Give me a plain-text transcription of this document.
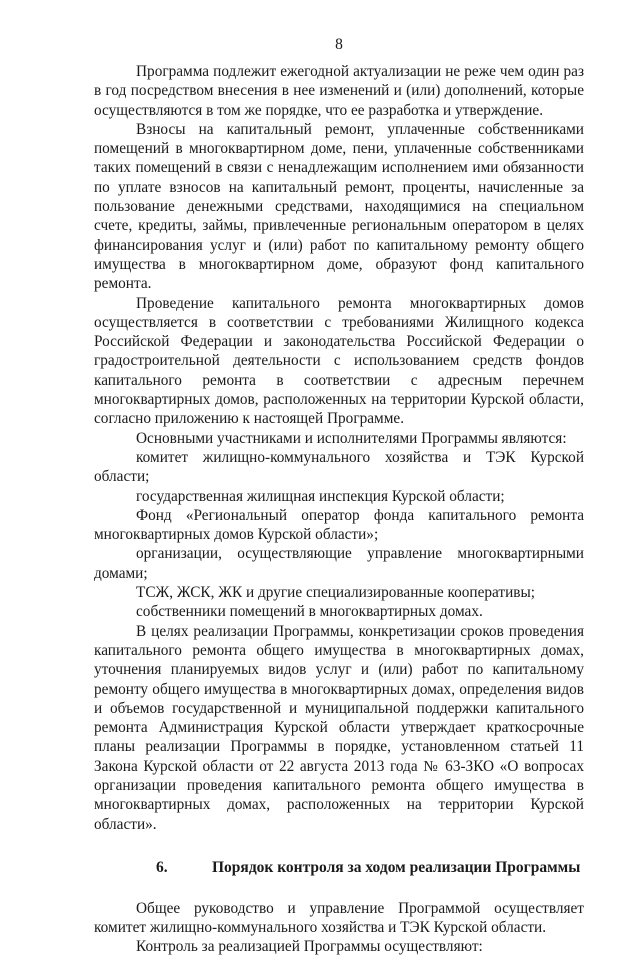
8

Программа подлежит ежегодной актуализации не реже чем один раз в год посредством внесения в нее изменений и (или) дополнений, которые осуществляются в том же порядке, что ее разработка и утверждение.

Взносы на капитальный ремонт, уплаченные собственниками помещений в многоквартирном доме, пени, уплаченные собственниками таких помещений в связи с ненадлежащим исполнением ими обязанности по уплате взносов на капитальный ремонт, проценты, начисленные за пользование денежными средствами, находящимися на специальном счете, кредиты, займы, привлеченные региональным оператором в целях финансирования услуг и (или) работ по капитальному ремонту общего имущества в многоквартирном доме, образуют фонд капитального ремонта.

Проведение капитального ремонта многоквартирных домов осуществляется в соответствии с требованиями Жилищного кодекса Российской Федерации и законодательства Российской Федерации о градостроительной деятельности с использованием средств фондов капитального ремонта в соответствии с адресным перечнем многоквартирных домов, расположенных на территории Курской области, согласно приложению к настоящей Программе.

Основными участниками и исполнителями Программы являются:

комитет жилищно-коммунального хозяйства и ТЭК Курской области;

государственная жилищная инспекция Курской области;

Фонд «Региональный оператор фонда капитального ремонта многоквартирных домов Курской области»;

организации, осуществляющие управление многоквартирными домами;

ТСЖ, ЖСК, ЖК и другие специализированные кооперативы;

собственники помещений в многоквартирных домах.

В целях реализации Программы, конкретизации сроков проведения капитального ремонта общего имущества в многоквартирных домах, уточнения планируемых видов услуг и (или) работ по капитальному ремонту общего имущества в многоквартирных домах, определения видов и объемов государственной и муниципальной поддержки капитального ремонта Администрация Курской области утверждает краткосрочные планы реализации Программы в порядке, установленном статьей 11 Закона Курской области от 22 августа 2013 года № 63-ЗКО «О вопросах организации проведения капитального ремонта общего имущества в многоквартирных домах, расположенных на территории Курской области».

6.	Порядок контроля за ходом реализации Программы

Общее руководство и управление Программой осуществляет комитет жилищно-коммунального хозяйства и ТЭК Курской области.

Контроль за реализацией Программы осуществляют:
